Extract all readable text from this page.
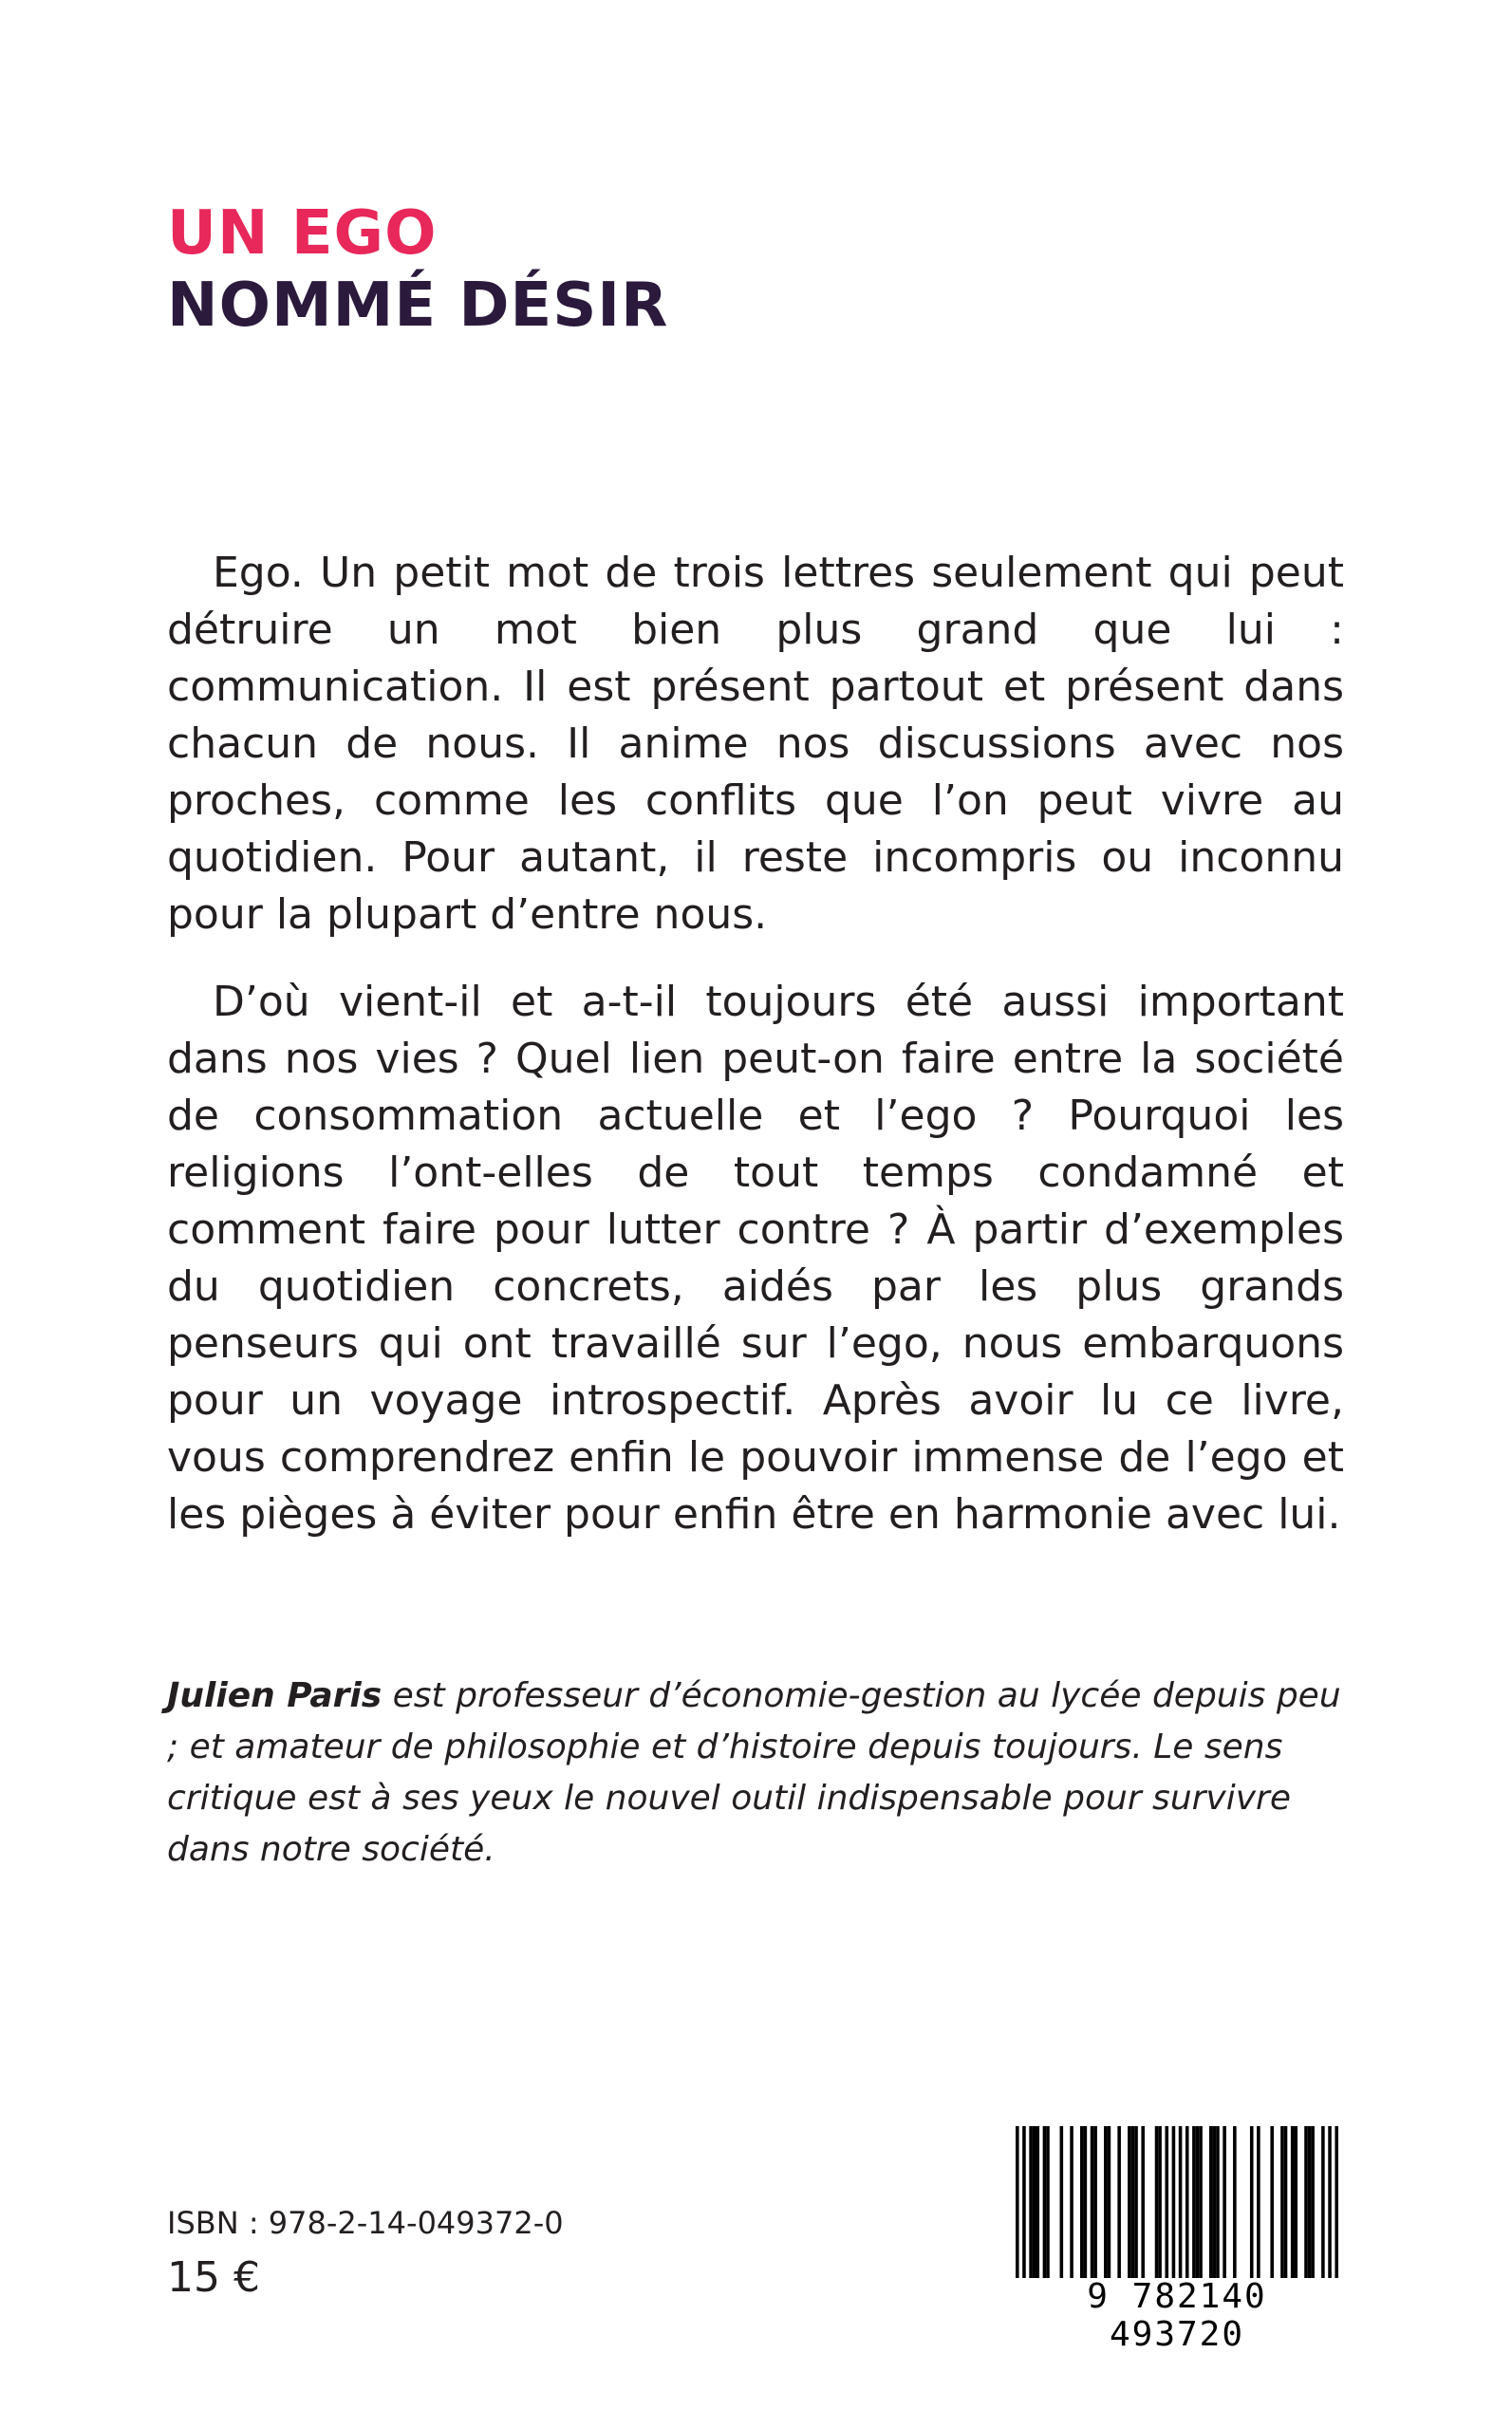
UN EGO
NOMMÉ DÉSIR

Ego. Un petit mot de trois lettres seulement qui peut détruire un mot bien plus grand que lui : communication. Il est présent partout et présent dans chacun de nous. Il anime nos discussions avec nos proches, comme les conflits que l’on peut vivre au quotidien. Pour autant, il reste incompris ou inconnu pour la plupart d’entre nous.

D’où vient-il et a-t-il toujours été aussi important dans nos vies ? Quel lien peut-on faire entre la société de consommation actuelle et l’ego ? Pourquoi les religions l’ont-elles de tout temps condamné et comment faire pour lutter contre ? À partir d’exemples du quotidien concrets, aidés par les plus grands penseurs qui ont travaillé sur l’ego, nous embarquons pour un voyage introspectif. Après avoir lu ce livre, vous comprendrez enfin le pouvoir immense de l’ego et les pièges à éviter pour enfin être en harmonie avec lui.

Julien Paris est professeur d’économie-gestion au lycée depuis peu ; et amateur de philosophie et d’histoire depuis toujours. Le sens critique est à ses yeux le nouvel outil indispensable pour survivre dans notre société.

ISBN : 978-2-14-049372-0
15 €	9 782140 493720
